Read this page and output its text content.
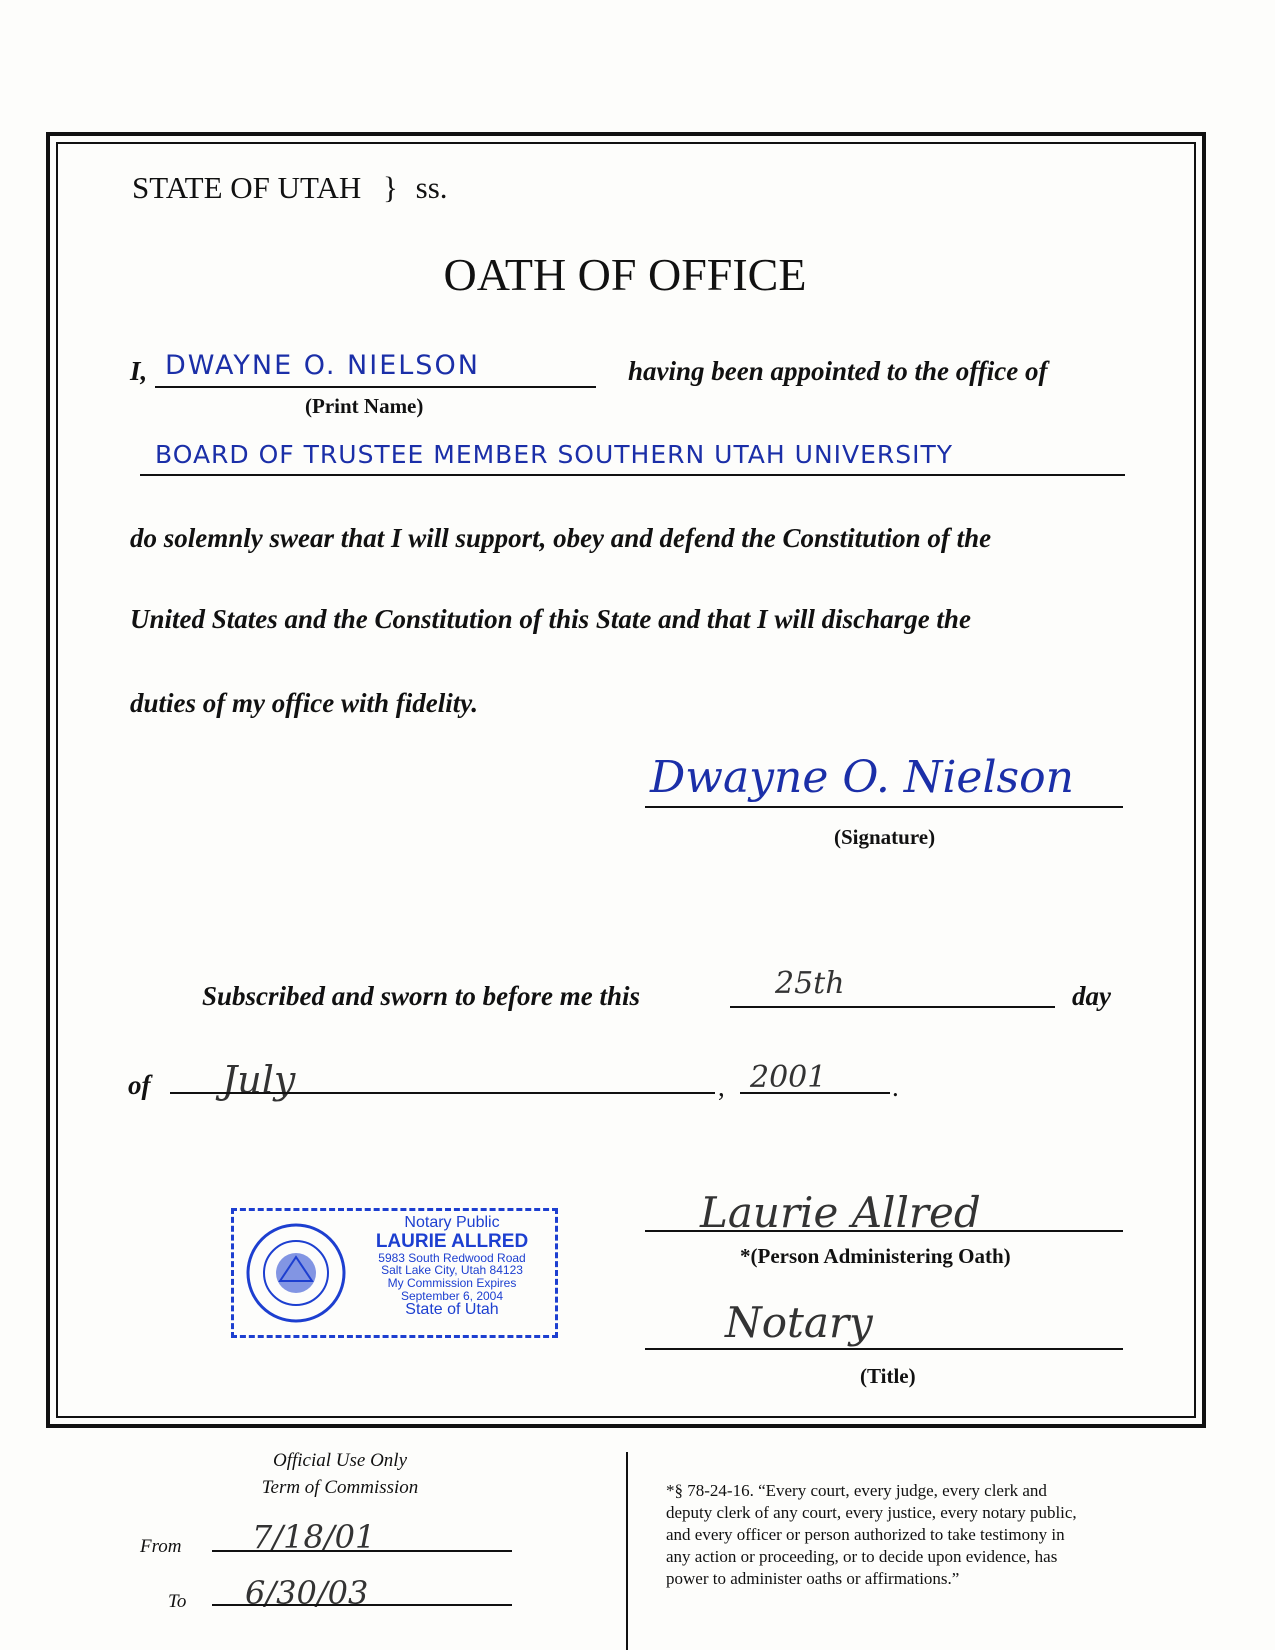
STATE OF UTAH } ss.
OATH OF OFFICE
I, DWAYNE O. NIELSON	having been appointed to the office of
(Print Name)
BOARD OF TRUSTEE MEMBER SOUTHERN UTAH UNIVERSITY
do solemnly swear that I will support, obey and defend the Constitution of the
United States and the Constitution of this State and that I will discharge the
duties of my office with fidelity.
Dwayne O. Nielson
(Signature)
Subscribed and sworn to before me this	25th	day
of July	, 2001 .
Notary Public
LAURIE ALLRED
5983 South Redwood Road
Salt Lake City, Utah 84123
My Commission Expires
September 6, 2004
State of Utah
Laurie Allred
*(Person Administering Oath)
Notary
(Title)
Official Use Only
Term of Commission
From 7/18/01
To 6/30/03
*§ 78-24-16. “Every court, every judge, every clerk and
deputy clerk of any court, every justice, every notary public,
and every officer or person authorized to take testimony in
any action or proceeding, or to decide upon evidence, has
power to administer oaths or affirmations.”
